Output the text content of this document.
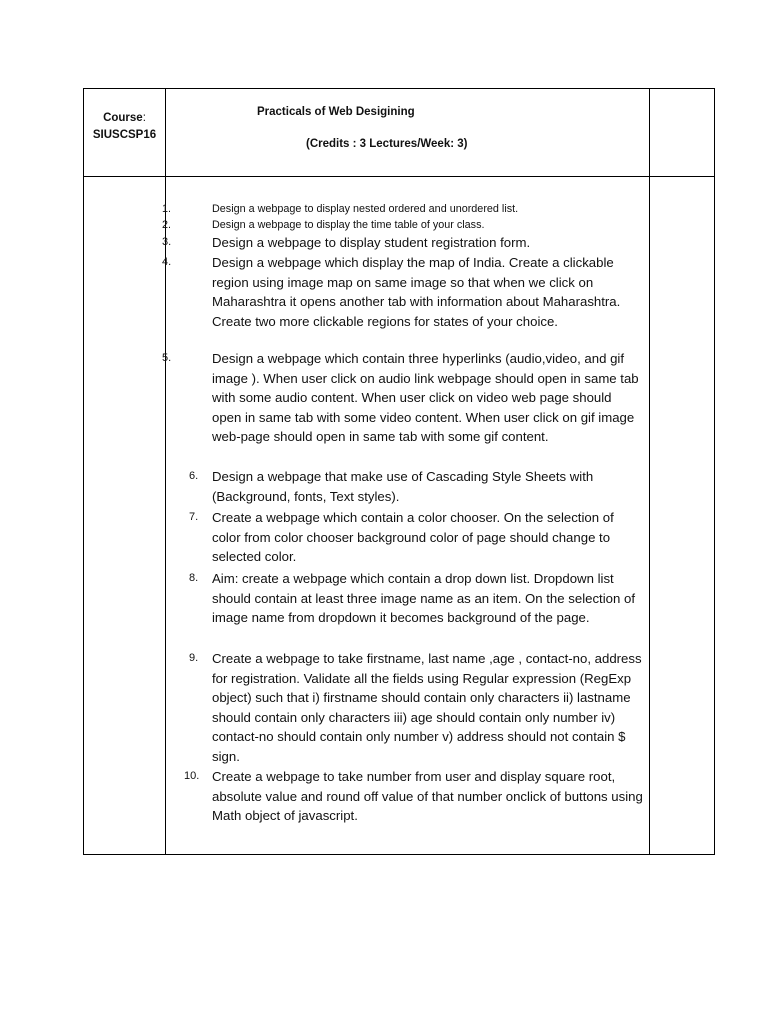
Course:
SIUSCSP16
Practicals of Web Desigining
(Credits : 3 Lectures/Week: 3)
1.	Design a webpage to display nested ordered and unordered list.
2.	Design a webpage to display the time table of your class.
3.	Design a webpage to display student registration form.
4.	Design a webpage which display the map of India. Create a clickable region using image map on same image so that when we click on Maharashtra it opens another tab with information about Maharashtra. Create two more clickable regions for states of your choice.
5.	Design a webpage which contain three hyperlinks (audio,video, and gif image ). When user click on audio link webpage should open in same tab with some audio content. When user click on video web page should open in same tab with some video content. When user click on gif image web-page should open in same tab with some gif content.
6. Design a webpage that make use of Cascading Style Sheets with (Background, fonts, Text styles).
7. Create a webpage which contain a color chooser. On the selection of color from color chooser background color of page should change to selected color.
8. Aim: create a webpage which contain a drop down list. Dropdown list should contain at least three image name as an item. On the selection of image name from dropdown it becomes background of the page.
9. Create a webpage to take firstname, last name ,age , contact-no, address for registration. Validate all the fields using Regular expression (RegExp object) such that i) firstname should contain only characters ii) lastname should contain only characters iii) age should contain only number iv) contact-no should contain only number v) address should not contain $ sign.
10. Create a webpage to take number from user and display square root, absolute value and round off value of that number onclick of buttons using Math object of javascript.
